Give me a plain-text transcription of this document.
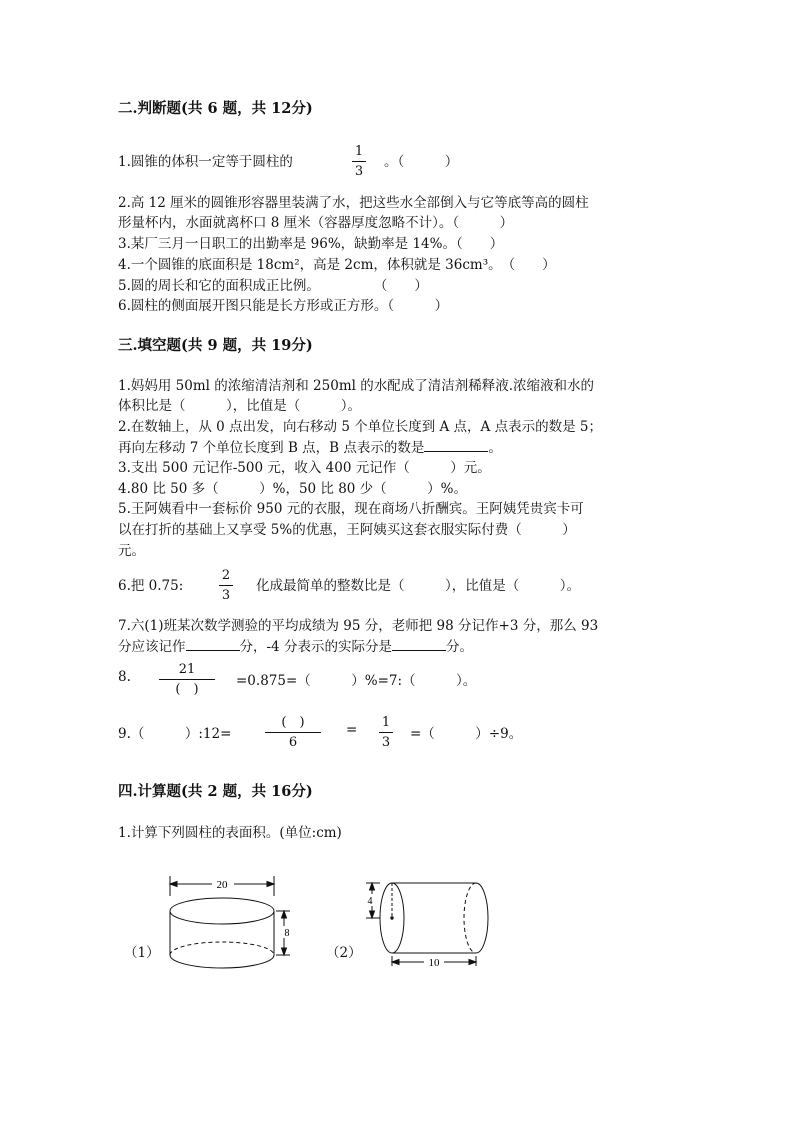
二.判断题(共 6 题，共 12分)
1.圆锥的体积一定等于圆柱的
1
3
。（　　　）
2.高 12 厘米的圆锥形容器里装满了水，把这些水全部倒入与它等底等高的圆柱
形量杯内，水面就离杯口 8 厘米（容器厚度忽略不计）。（　　　）
3.某厂三月一日职工的出勤率是 96%，缺勤率是 14%。（　　）
4.一个圆锥的底面积是 18cm²，高是 2cm，体积就是 36cm³。　（　　）
5.圆的周长和它的面积成正比例。　　　　　（　　）
6.圆柱的侧面展开图只能是长方形或正方形。（　　　）
三.填空题(共 9 题，共 19分)
1.妈妈用 50ml 的浓缩清洁剂和 250ml 的水配成了清洁剂稀释液.浓缩液和水的
体积比是（　　　），比值是（　　　）。
2.在数轴上，从 0 点出发，向右移动 5 个单位长度到 A 点，A 点表示的数是 5；
再向左移动 7 个单位长度到 B 点，B 点表示的数是	。
3.支出 500 元记作-500 元，收入 400 元记作（　　　）元。
4.80 比 50 多（　　　）%，50 比 80 少（　　　）%。
5.王阿姨看中一套标价 950 元的衣服，现在商场八折酬宾。王阿姨凭贵宾卡可
以在打折的基础上又享受 5%的优惠，王阿姨买这套衣服实际付费（　　　）
元。
6.把 0.75:
2
3
化成最简单的整数比是（　　　），比值是（　　　）。
7.六(1)班某次数学测验的平均成绩为 95 分，老师把 98 分记作+3 分，那么 93
分应该记作	分，-4 分表示的实际分是	分。
8.	21
(　)
=0.875=（　　　）%=7:（　　　）。
9.（　　　）:12=
(　)
6
= 1
3
=（　　　）÷9。
四.计算题(共 2 题，共 16分)
1.计算下列圆柱的表面积。(单位:cm)
（1）
20
8
（2）
4
10
